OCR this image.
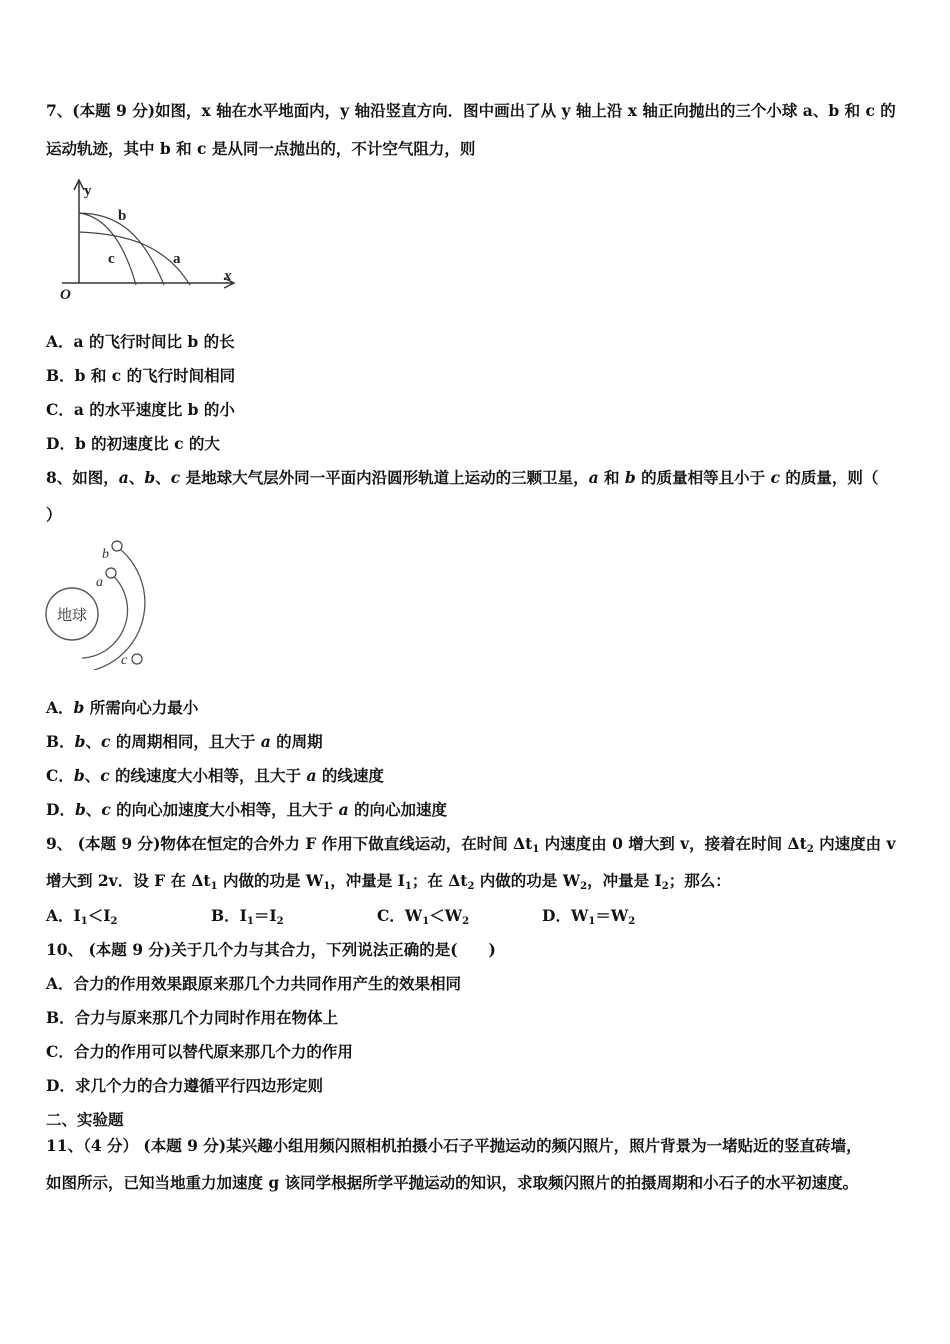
7、(本题 9 分)如图，x 轴在水平地面内，y 轴沿竖直方向．图中画出了从 y 轴上沿 x 轴正向抛出的三个小球 a、b 和 c 的
运动轨迹，其中 b 和 c 是从同一点抛出的，不计空气阻力，则
y
x
O
b
c	a
A．a 的飞行时间比 b 的长
B．b 和 c 的飞行时间相同
C．a 的水平速度比 b 的小
D．b 的初速度比 c 的大
8、如图，a、b、c 是地球大气层外同一平面内沿圆形轨道上运动的三颗卫星，a 和 b 的质量相等且小于 c 的质量，则（
）
地球
b
a
c
A．b 所需向心力最小
B．b、c 的周期相同，且大于 a 的周期
C．b、c 的线速度大小相等，且大于 a 的线速度
D．b、c 的向心加速度大小相等，且大于 a 的向心加速度
9、 (本题 9 分)物体在恒定的合外力 F 作用下做直线运动，在时间 $\Delta t_1$ 内速度由 0 增大到 v，接着在时间 $\Delta t_2$ 内速度由 v
增大到 2v．设 F 在 $\Delta t_1$ 内做的功是 $W_1$，冲量是 $I_1$；在 $\Delta t_2$ 内做的功是 $W_2$，冲量是 $I_2$；那么：
A．$I_1<I_2$	B．$I_1=I_2$	C．$W_1<W_2$	D．$W_1=W_2$
10、 (本题 9 分)关于几个力与其合力，下列说法正确的是(　　)
A．合力的作用效果跟原来那几个力共同作用产生的效果相同
B．合力与原来那几个力同时作用在物体上
C．合力的作用可以替代原来那几个力的作用
D．求几个力的合力遵循平行四边形定则
二、实验题
11、（4 分） (本题 9 分)某兴趣小组用频闪照相机拍摄小石子平抛运动的频闪照片，照片背景为一堵贴近的竖直砖墙，
如图所示，已知当地重力加速度 g 该同学根据所学平抛运动的知识，求取频闪照片的拍摄周期和小石子的水平初速度。
